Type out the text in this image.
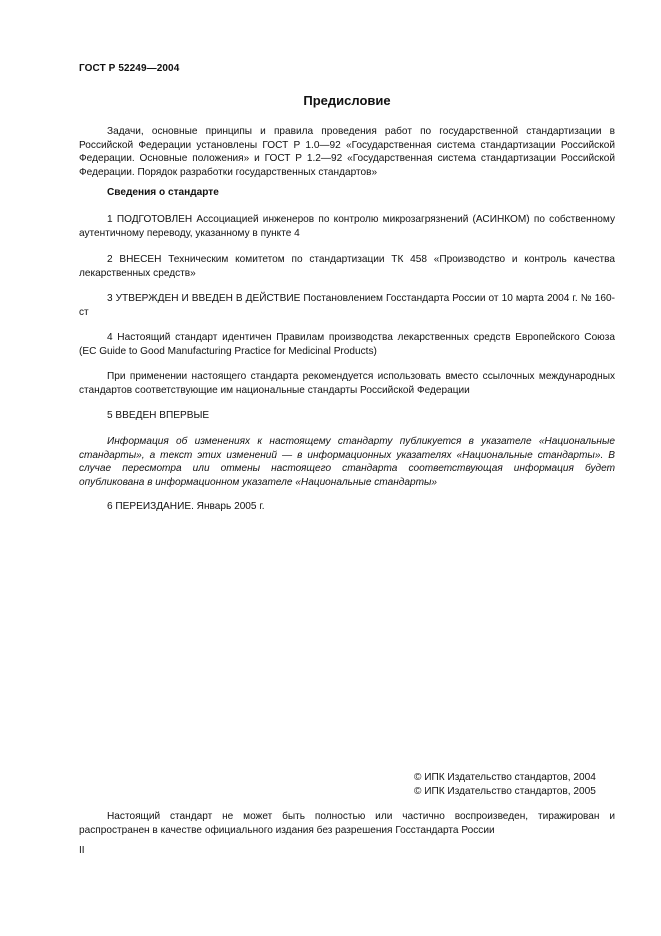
ГОСТ Р 52249—2004
Предисловие
Задачи, основные принципы и правила проведения работ по государственной стандартизации в Российской Федерации установлены ГОСТ Р 1.0—92 «Государственная система стандартизации Российской Федерации. Основные положения» и ГОСТ Р 1.2—92 «Государственная система стандартизации Российской Федерации. Порядок разработки государственных стандартов»
Сведения о стандарте
1 ПОДГОТОВЛЕН Ассоциацией инженеров по контролю микрозагрязнений (АСИНКОМ) по собственному аутентичному переводу, указанному в пункте 4
2 ВНЕСЕН Техническим комитетом по стандартизации ТК 458 «Производство и контроль качества лекарственных средств»
3 УТВЕРЖДЕН И ВВЕДЕН В ДЕЙСТВИЕ Постановлением Госстандарта России от 10 марта 2004 г. № 160-ст
4 Настоящий стандарт идентичен Правилам производства лекарственных средств Европейского Союза (EC Guide to Good Manufacturing Practice for Medicinal Products)
При применении настоящего стандарта рекомендуется использовать вместо ссылочных международных стандартов соответствующие им национальные стандарты Российской Федерации
5 ВВЕДЕН ВПЕРВЫЕ
Информация об изменениях к настоящему стандарту публикуется в указателе «Национальные стандарты», а текст этих изменений — в информационных указателях «Национальные стандарты». В случае пересмотра или отмены настоящего стандарта соответствующая информация будет опубликована в информационном указателе «Национальные стандарты»
6 ПЕРЕИЗДАНИЕ. Январь 2005 г.
© ИПК Издательство стандартов, 2004
© ИПК Издательство стандартов, 2005
Настоящий стандарт не может быть полностью или частично воспроизведен, тиражирован и распространен в качестве официального издания без разрешения Госстандарта России
II
